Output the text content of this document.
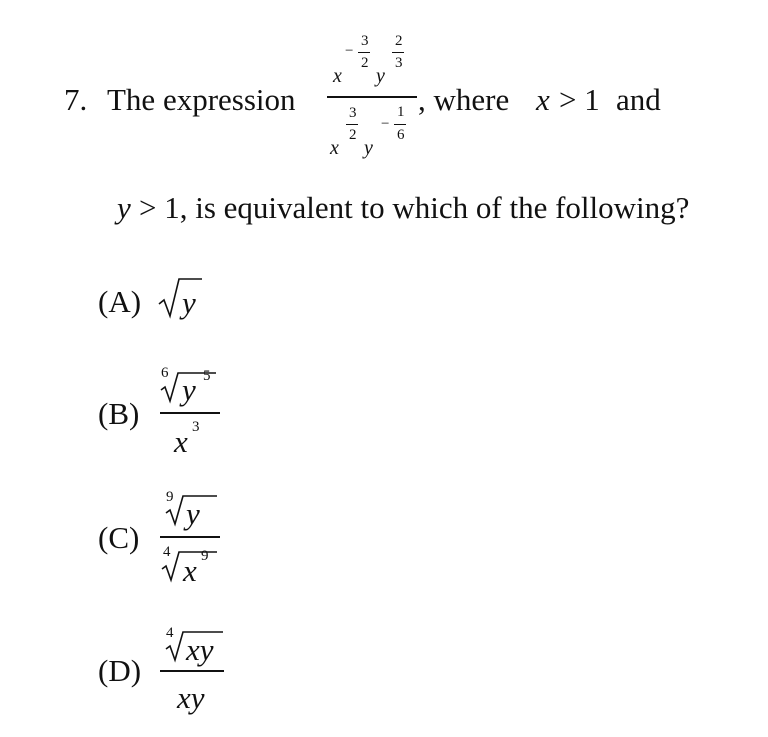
7. The expression
x
−
3
2
y
2
3
x
3
2
y
−
1
6
, where x > 1 and
y > 1, is equivalent to which of the following?
(A) y
(B)
6 y 5
x 3
(C)
9 y
4
x 9
(D)
4 xy
xy
